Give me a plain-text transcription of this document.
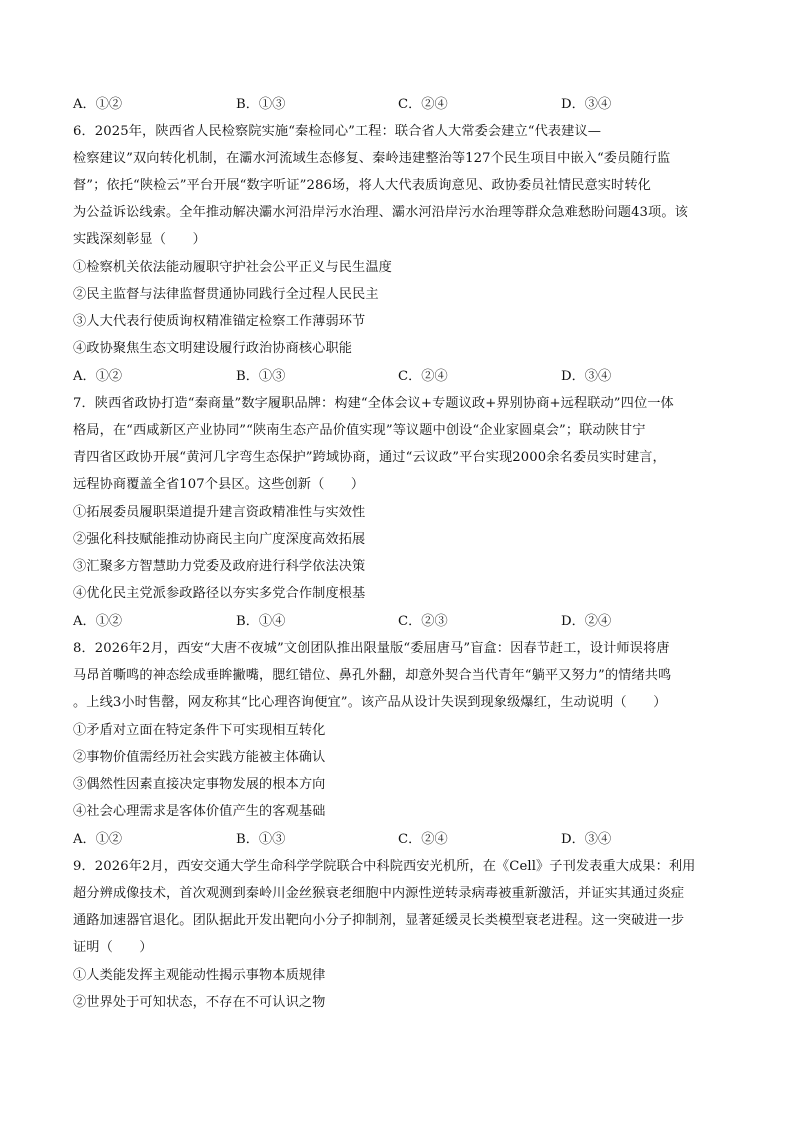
A．①②	B．①③	C．②④	D．③④
6．2025年，陕西省人民检察院实施“秦检同心”工程：联合省人大常委会建立“代表建议—
检察建议”双向转化机制，在灞水河流域生态修复、秦岭违建整治等127个民生项目中嵌入“委员随行监
督”；依托“陕检云”平台开展“数字听证”286场，将人大代表质询意见、政协委员社情民意实时转化
为公益诉讼线索。全年推动解决灞水河沿岸污水治理、灞水河沿岸污水治理等群众急难愁盼问题43项。该
实践深刻彰显（　　）
①检察机关依法能动履职守护社会公平正义与民生温度
②民主监督与法律监督贯通协同践行全过程人民民主
③人大代表行使质询权精准锚定检察工作薄弱环节
④政协聚焦生态文明建设履行政治协商核心职能
A．①②	B．①③	C．②④	D．③④
7．陕西省政协打造“秦商量”数字履职品牌：构建“全体会议+专题议政+界别协商+远程联动”四位一体
格局，在“西咸新区产业协同”“陕南生态产品价值实现”等议题中创设“企业家圆桌会”；联动陕甘宁
青四省区政协开展“黄河几字弯生态保护”跨域协商，通过“云议政”平台实现2000余名委员实时建言，
远程协商覆盖全省107个县区。这些创新（　　）
①拓展委员履职渠道提升建言资政精准性与实效性
②强化科技赋能推动协商民主向广度深度高效拓展
③汇聚多方智慧助力党委及政府进行科学依法决策
④优化民主党派参政路径以夯实多党合作制度根基
A．①②	B．①④	C．②③	D．②④
8．2026年2月，西安“大唐不夜城”文创团队推出限量版“委屈唐马”盲盒：因春节赶工，设计师误将唐
马昂首嘶鸣的神态绘成垂眸撇嘴，腮红错位、鼻孔外翻，却意外契合当代青年“躺平又努力”的情绪共鸣
。上线3小时售罄，网友称其“比心理咨询便宜”。该产品从设计失误到现象级爆红，生动说明（　　）
①矛盾对立面在特定条件下可实现相互转化
②事物价值需经历社会实践方能被主体确认
③偶然性因素直接决定事物发展的根本方向
④社会心理需求是客体价值产生的客观基础
A．①②	B．①③	C．②④	D．③④
9．2026年2月，西安交通大学生命科学学院联合中科院西安光机所，在《Cell》子刊发表重大成果：利用
超分辨成像技术，首次观测到秦岭川金丝猴衰老细胞中内源性逆转录病毒被重新激活，并证实其通过炎症
通路加速器官退化。团队据此开发出靶向小分子抑制剂，显著延缓灵长类模型衰老进程。这一突破进一步
证明（　　）
①人类能发挥主观能动性揭示事物本质规律
②世界处于可知状态，不存在不可认识之物
